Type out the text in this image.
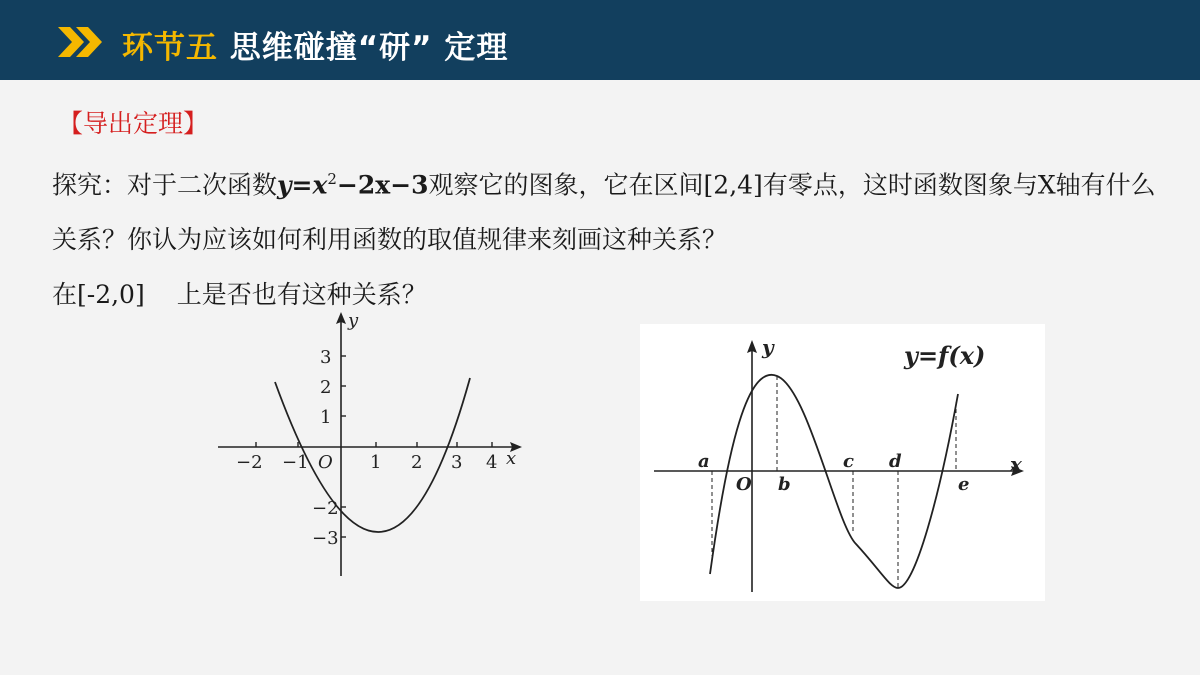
环节五 思维碰撞“研” 定理
【导出定理】
探究：对于二次函数$y=x^2-2x-3$观察它的图象，它在区间[2,4]有零点，这时函数图象与X轴有什么关系？你认为应该如何利用函数的取值规律来刻画这种关系？
在[-2,0] 上是否也有这种关系？
−2 −1	1 2 3 4
3
2
1
−2
−3
x
y
O
y=f(x)
x
y
O
a
b
c d
e
